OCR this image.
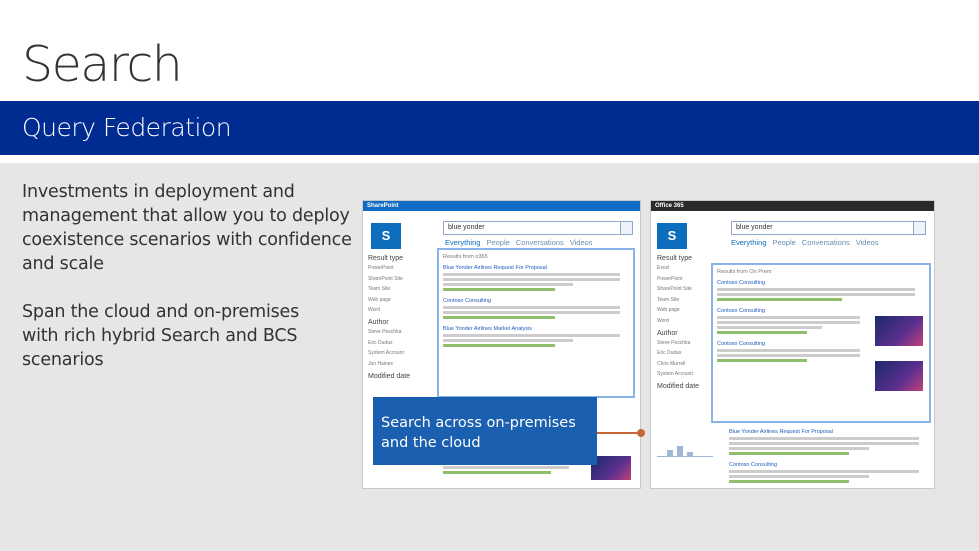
Search
Query Federation
Investments in deployment and management that allow you to deploy coexistence scenarios with confidence and scale
Span the cloud and on-premises with rich hybrid Search and BCS scenarios
SharePoint
S
blue yonder
Everything People Conversations Videos
Result type
PowerPoint
SharePoint Site
Team Site
Web page
Word
Author
Steve Peschka
Eric Dudas
System Account
Jon Haines
Modified date
Results from o365
Blue Yonder Airlines Request For Proposal
Contoso Consulting
Blue Yonder Airlines Market Analysis
Office 365
S
blue yonder
Everything People Conversations Videos
Result type
Excel
PowerPoint
SharePoint Site
Team Site
Web page
Word
Author
Steve Peschka
Eric Dudas
Chris Murrell
System Account
Modified date
Results from On Prem
Contoso Consulting
Contoso Consulting
Contoso Consulting
Blue Yonder Airlines Request For Proposal
Contoso Consulting
Search across on-premises and the cloud
